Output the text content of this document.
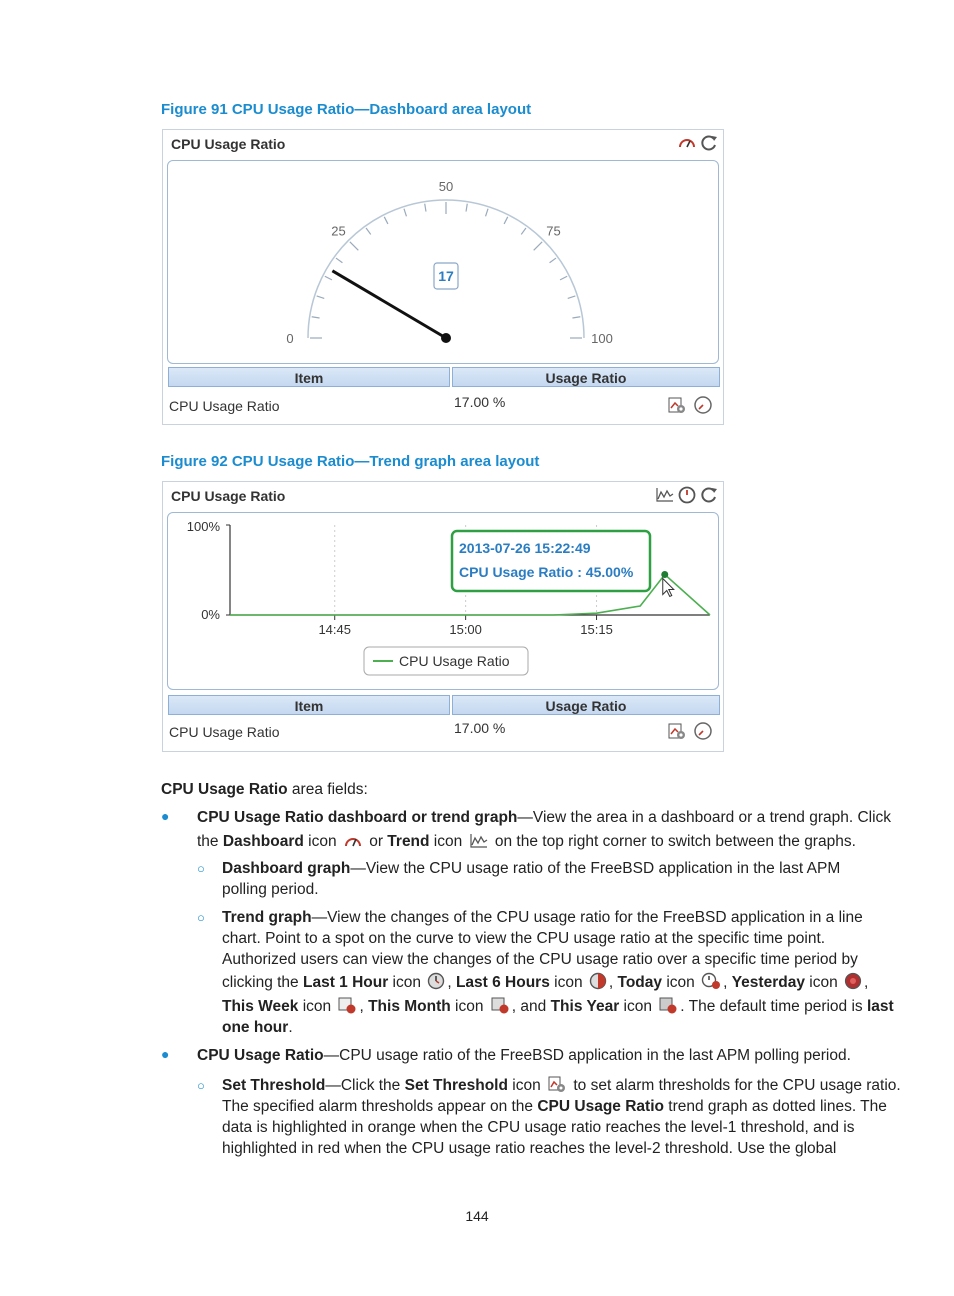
Figure 91 CPU Usage Ratio—Dashboard area layout
CPU Usage Ratio
0
25
50
75
100
17
Item	Usage Ratio
CPU Usage Ratio	17.00 %
Figure 92 CPU Usage Ratio—Trend graph area layout
CPU Usage Ratio
100%
0%
14:45	15:00	15:15
2013-07-26 15:22:49
CPU Usage Ratio : 45.00%
CPU Usage Ratio
Item	Usage Ratio
CPU Usage Ratio	17.00 %
CPU Usage Ratio area fields:
● CPU Usage Ratio dashboard or trend graph—View the area in a dashboard or a trend graph. Click
the Dashboard icon  or Trend icon  on the top right corner to switch between the graphs.
○ Dashboard graph—View the CPU usage ratio of the FreeBSD application in the last APM
polling period.
○ Trend graph—View the changes of the CPU usage ratio for the FreeBSD application in a line
chart. Point to a spot on the curve to view the CPU usage ratio at the specific time point.
Authorized users can view the changes of the CPU usage ratio over a specific time period by
clicking the Last 1 Hour icon , Last 6 Hours icon , Today icon , Yesterday icon ,
This Week icon , This Month icon , and This Year icon . The default time period is last
one hour.
● CPU Usage Ratio—CPU usage ratio of the FreeBSD application in the last APM polling period.
○ Set Threshold—Click the Set Threshold icon  to set alarm thresholds for the CPU usage ratio.
The specified alarm thresholds appear on the CPU Usage Ratio trend graph as dotted lines. The
data is highlighted in orange when the CPU usage ratio reaches the level-1 threshold, and is
highlighted in red when the CPU usage ratio reaches the level-2 threshold. Use the global
144
